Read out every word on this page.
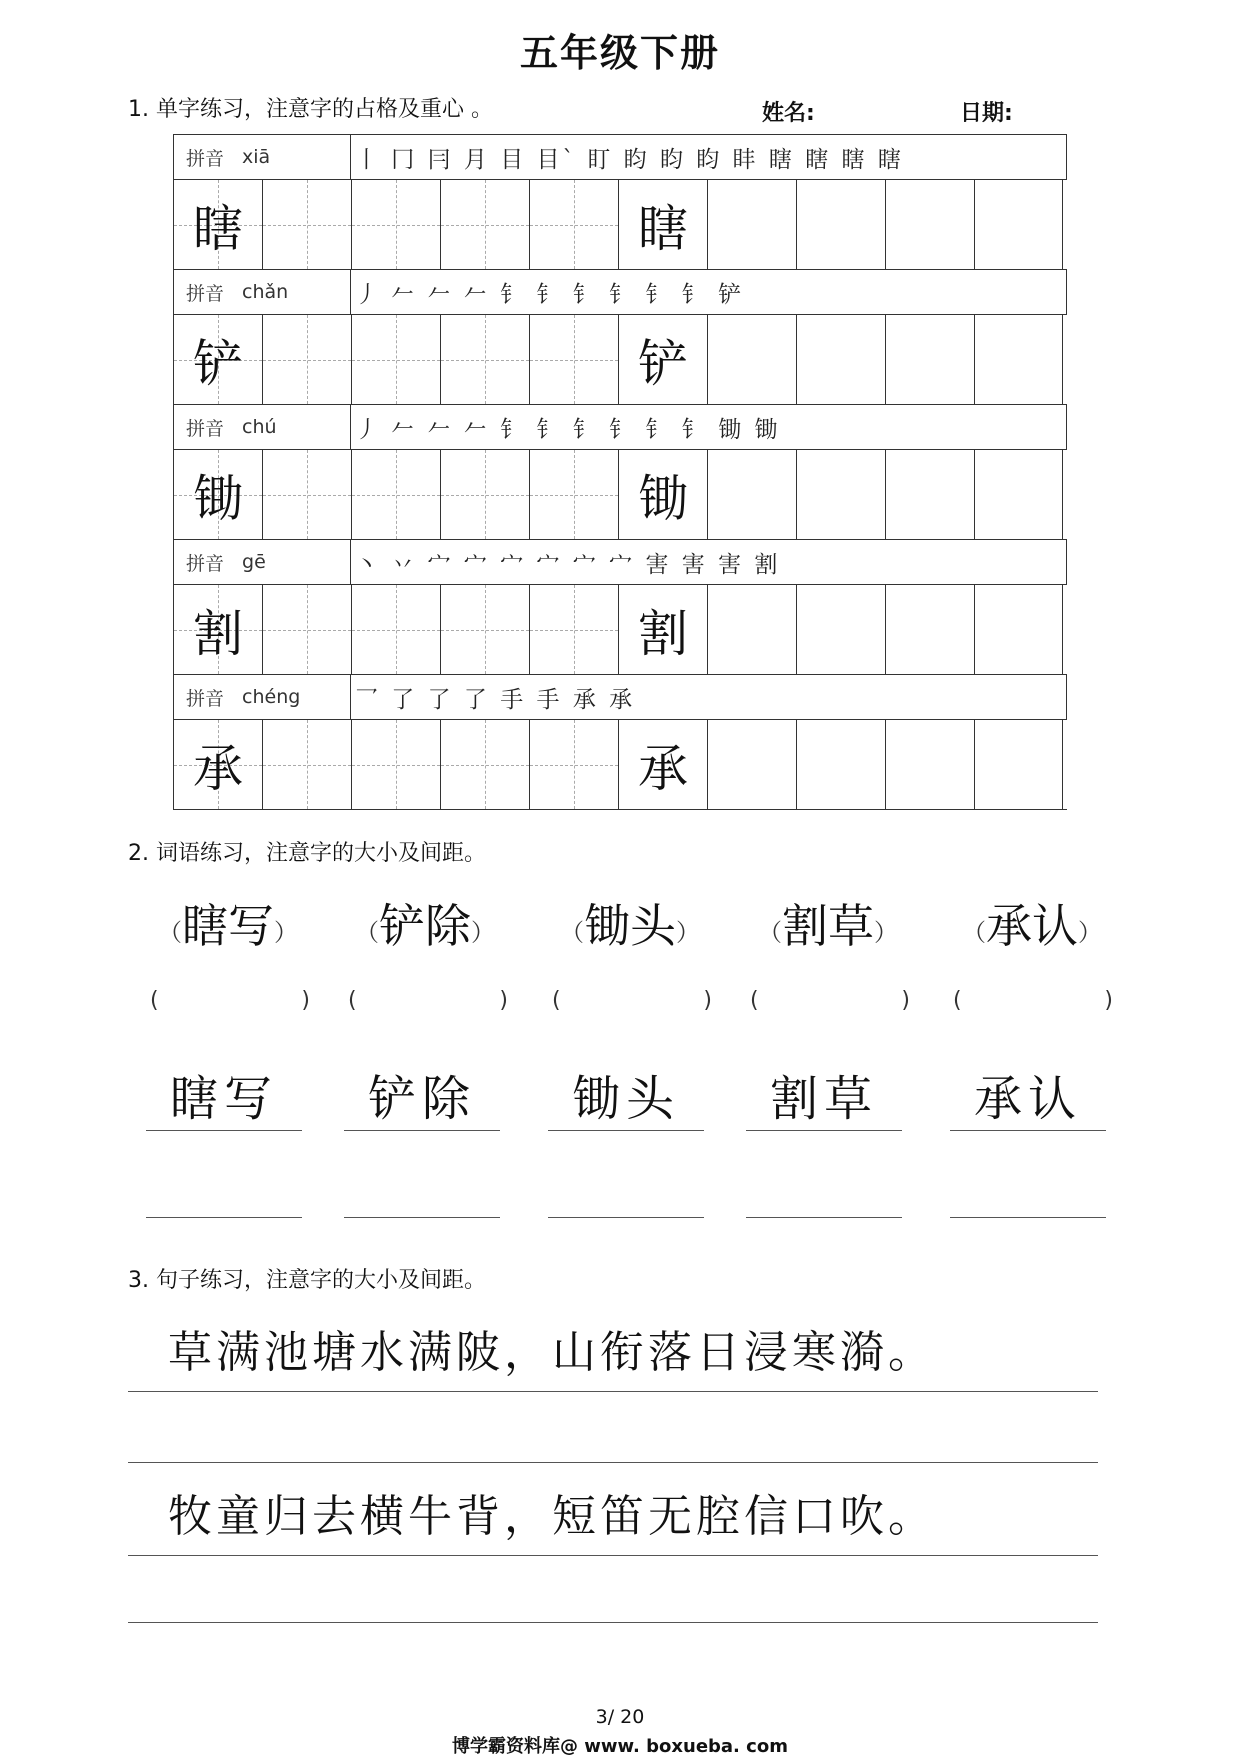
五年级下册
1. 单字练习，注意字的占格及重心 。	姓名:	日期:
拼音 xiā	丨 冂 冃 月 目 目` 盯 盷 盷 盷 盽 瞎 瞎 瞎 瞎
瞎	瞎
拼音 chǎn	丿 𠂉 𠂉 𠂉 钅 钅 钅 钅 钅 钅 铲
铲	铲
拼音 chú	丿 𠂉 𠂉 𠂉 钅 钅 钅 钅 钅 钅 锄 锄
锄	锄
拼音 gē	丶 丷 宀 宀 宀 宀 宀 宀 害 害 害 割
割	割
拼音 chéng 乛 了 了 了 手 手 承 承
承	承
2. 词语练习，注意字的大小及间距。
（瞎写）	（铲除）	（锄头）	（割草）	（承认）
(	) (	) (	) (	) (	)
瞎写	铲除	锄头	割草	承认
3. 句子练习，注意字的大小及间距。
草满池塘水满陂，山衔落日浸寒漪。
牧童归去横牛背，短笛无腔信口吹。
3/ 20
博学霸资料库@ www. boxueba. com
